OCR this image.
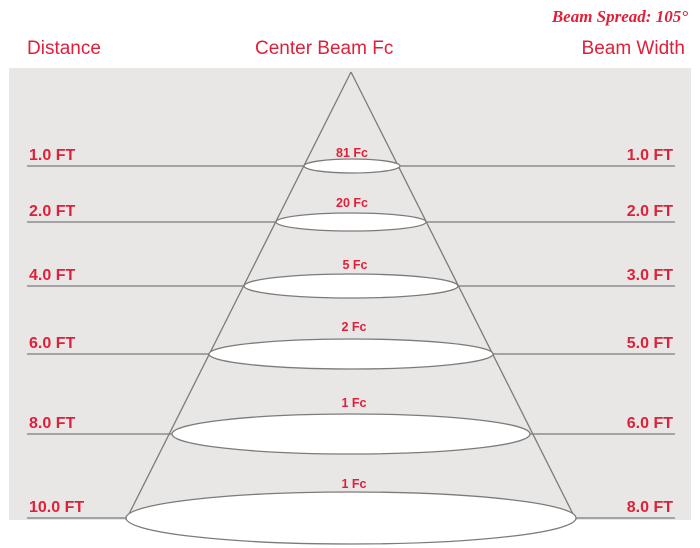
Beam Spread: 105°
Distance	Center Beam Fc	Beam Width
81 Fc
20 Fc
5 Fc
2 Fc
1 Fc
1 Fc
1.0 FT
2.0 FT
4.0 FT
6.0 FT
8.0 FT
10.0 FT
1.0 FT
2.0 FT
3.0 FT
5.0 FT
6.0 FT
8.0 FT
